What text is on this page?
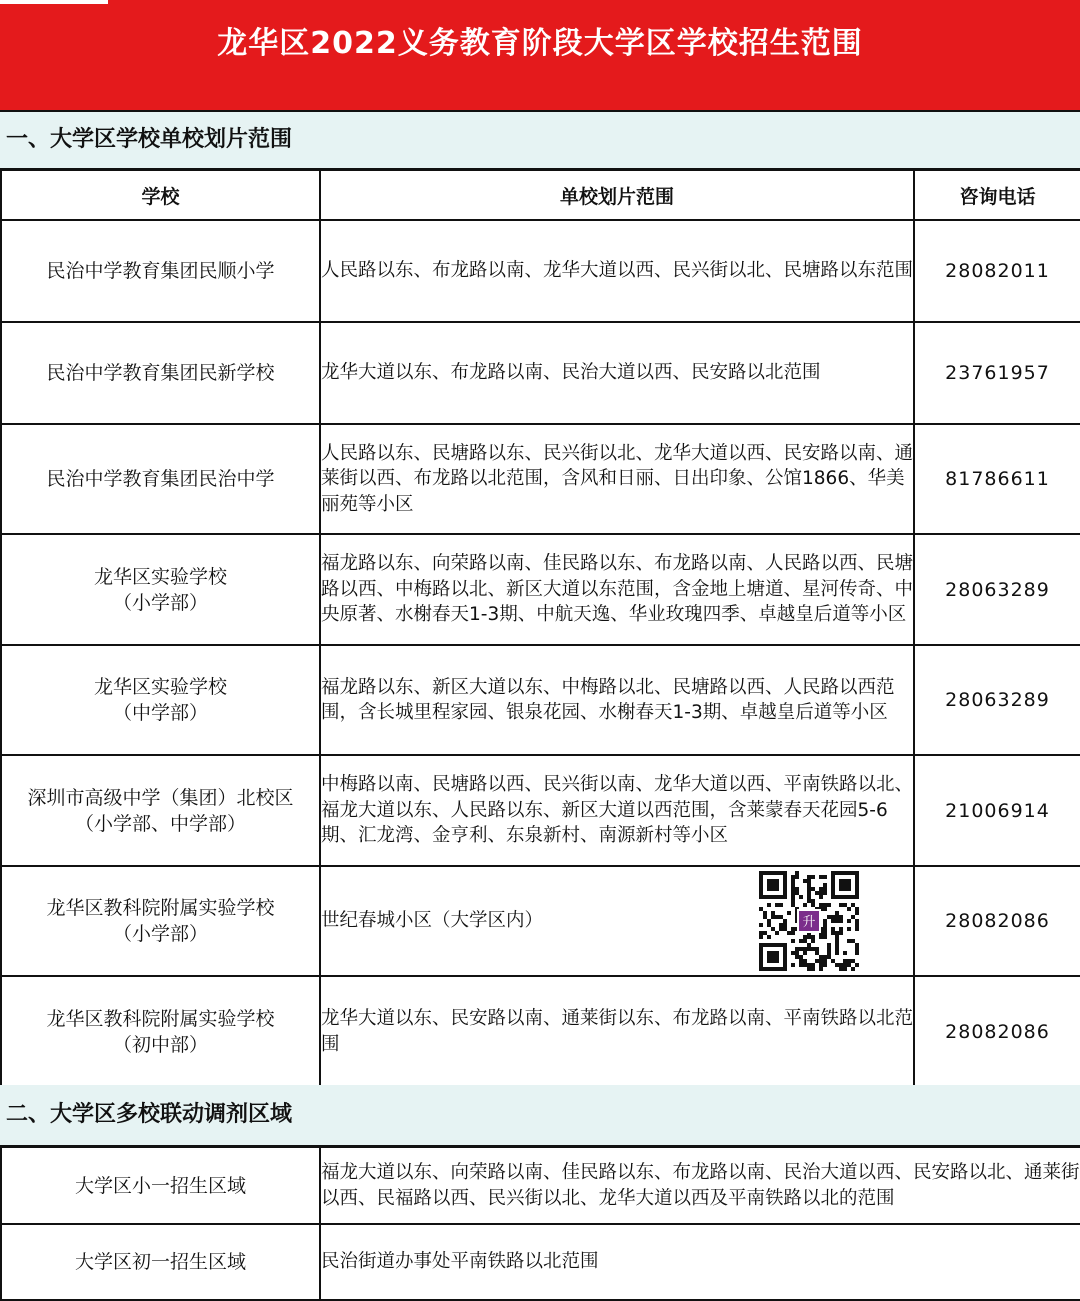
龙华区2022义务教育阶段大学区学校招生范围
一、大学区学校单校划片范围
学校	单校划片范围	咨询电话

民治中学教育集团民顺小学	人民路以东、布龙路以南、龙华大道以西、民兴街以北、民塘路以东范围	28082011

民治中学教育集团民新学校	龙华大道以东、布龙路以南、民治大道以西、民安路以北范围	23761957

民治中学教育集团民治中学	人民路以东、民塘路以东、民兴街以北、龙华大道以西、民安路以南、通莱街以西、布龙路以北范围，含风和日丽、日出印象、公馆1866、华美丽苑等小区	81786611

龙华区实验学校
（小学部）	福龙路以东、向荣路以南、佳民路以东、布龙路以南、人民路以西、民塘路以西、中梅路以北、新区大道以东范围，含金地上塘道、星河传奇、中央原著、水榭春天1-3期、中航天逸、华业玫瑰四季、卓越皇后道等小区	28063289

龙华区实验学校
（中学部）	福龙路以东、新区大道以东、中梅路以北、民塘路以西、人民路以西范围，含长城里程家园、银泉花园、水榭春天1-3期、卓越皇后道等小区	28063289

深圳市高级中学（集团）北校区
（小学部、中学部）	中梅路以南、民塘路以西、民兴街以南、龙华大道以西、平南铁路以北、福龙大道以东、人民路以东、新区大道以西范围，含莱蒙春天花园5-6期、汇龙湾、金亨利、东泉新村、南源新村等小区	21006914

龙华区教科院附属实验学校
（小学部）	世纪春城小区（大学区内） 升	28082086

龙华区教科院附属实验学校
（初中部）	龙华大道以东、民安路以南、通莱街以东、布龙路以南、平南铁路以北范围	28082086
二、大学区多校联动调剂区域
大学区小一招生区域	福龙大道以东、向荣路以南、佳民路以东、布龙路以南、民治大道以西、民安路以北、通莱街以西、民福路以西、民兴街以北、龙华大道以西及平南铁路以北的范围
大学区初一招生区域	民治街道办事处平南铁路以北范围
